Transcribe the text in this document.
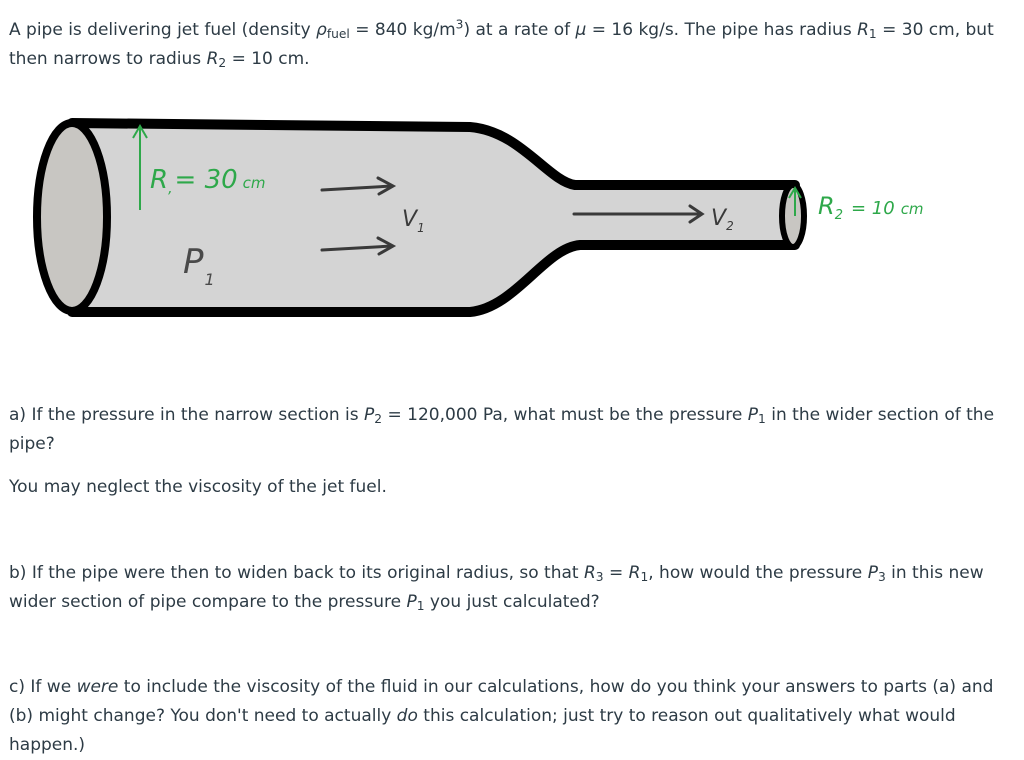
A pipe is delivering jet fuel (density $\rho_{fuel} = 840$ $kg/m^3$) at a rate of μ = 16 kg/s. The pipe has radius $R_1 = 30$ cm, but then narrows to radius $R_2 = 10$ cm.

R,= 30 cm
$P_1$
$V_1$	$V_2$
$R_2$ $^{= 10}$ cm

a) If the pressure in the narrow section is $P_2 = 120,000$ Pa, what must be the pressure $P_1$ in the wider section of the pipe?

You may neglect the viscosity of the jet fuel.

b) If the pipe were then to widen back to its original radius, so that $R_3 = R_1$, how would the pressure $P_3$ in this new wider section of pipe compare to the pressure $P_1$ you just calculated?

c) If we were to include the viscosity of the fluid in our calculations, how do you think your answers to parts (a) and (b) might change? You don't need to actually do this calculation; just try to reason out qualitatively what would happen.)
